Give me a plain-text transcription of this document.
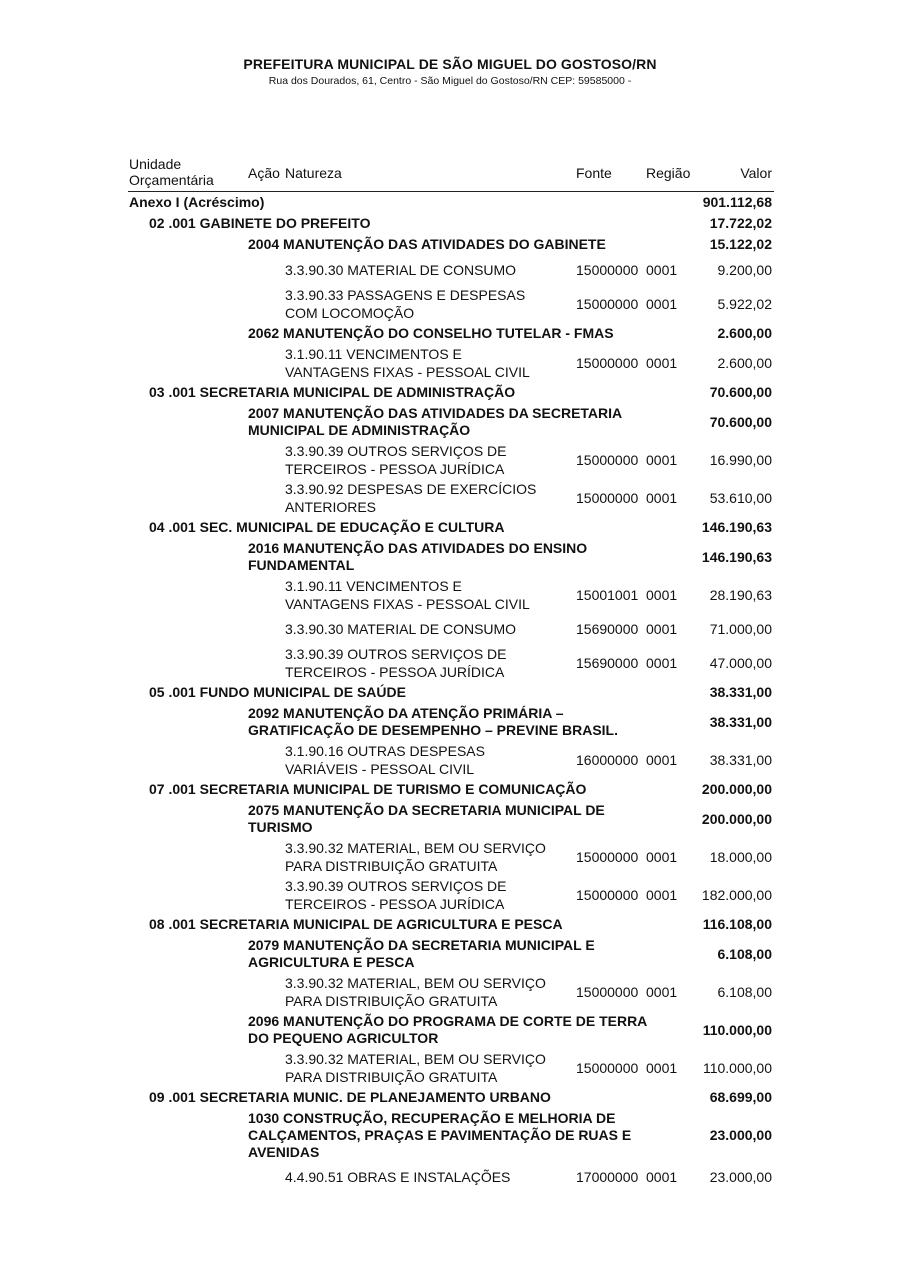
PREFEITURA MUNICIPAL DE SÃO MIGUEL DO GOSTOSO/RN
Rua dos Dourados, 61, Centro - São Miguel do Gostoso/RN CEP: 59585000 -
Unidade
Orçamentária Ação Natureza	Fonte Região	Valor
Anexo I (Acréscimo)	901.112,68
02 .001 GABINETE DO PREFEITO	17.722,02
2004 MANUTENÇÃO DAS ATIVIDADES DO GABINETE	15.122,02
3.3.90.30 MATERIAL DE CONSUMO	15000000 0001	9.200,00
3.3.90.33 PASSAGENS E DESPESAS
COM LOCOMOÇÃO
15000000 0001	5.922,02
2062 MANUTENÇÃO DO CONSELHO TUTELAR - FMAS	2.600,00
3.1.90.11 VENCIMENTOS E
VANTAGENS FIXAS - PESSOAL CIVIL
15000000 0001	2.600,00
03 .001 SECRETARIA MUNICIPAL DE ADMINISTRAÇÃO	70.600,00
2007 MANUTENÇÃO DAS ATIVIDADES DA SECRETARIA
MUNICIPAL DE ADMINISTRAÇÃO	70.600,00
3.3.90.39 OUTROS SERVIÇOS DE
TERCEIROS - PESSOA JURÍDICA
15000000 0001 16.990,00
3.3.90.92 DESPESAS DE EXERCÍCIOS
ANTERIORES
15000000 0001 53.610,00
04 .001 SEC. MUNICIPAL DE EDUCAÇÃO E CULTURA	146.190,63
2016 MANUTENÇÃO DAS ATIVIDADES DO ENSINO
FUNDAMENTAL	146.190,63
3.1.90.11 VENCIMENTOS E
VANTAGENS FIXAS - PESSOAL CIVIL
15001001 0001 28.190,63
3.3.90.30 MATERIAL DE CONSUMO	15690000 0001 71.000,00
3.3.90.39 OUTROS SERVIÇOS DE
TERCEIROS - PESSOA JURÍDICA
15690000 0001 47.000,00
05 .001 FUNDO MUNICIPAL DE SAÚDE	38.331,00
2092 MANUTENÇÃO DA ATENÇÃO PRIMÁRIA –
GRATIFICAÇÃO DE DESEMPENHO – PREVINE BRASIL.	38.331,00
3.1.90.16 OUTRAS DESPESAS
VARIÁVEIS - PESSOAL CIVIL
16000000 0001 38.331,00
07 .001 SECRETARIA MUNICIPAL DE TURISMO E COMUNICAÇÃO	200.000,00
2075 MANUTENÇÃO DA SECRETARIA MUNICIPAL DE
TURISMO	200.000,00
3.3.90.32 MATERIAL, BEM OU SERVIÇO
PARA DISTRIBUIÇÃO GRATUITA
15000000 0001 18.000,00
3.3.90.39 OUTROS SERVIÇOS DE
TERCEIROS - PESSOA JURÍDICA
15000000 0001 182.000,00
08 .001 SECRETARIA MUNICIPAL DE AGRICULTURA E PESCA	116.108,00
2079 MANUTENÇÃO DA SECRETARIA MUNICIPAL E
AGRICULTURA E PESCA	6.108,00
3.3.90.32 MATERIAL, BEM OU SERVIÇO
PARA DISTRIBUIÇÃO GRATUITA
15000000 0001	6.108,00
2096 MANUTENÇÃO DO PROGRAMA DE CORTE DE TERRA
DO PEQUENO AGRICULTOR	110.000,00
3.3.90.32 MATERIAL, BEM OU SERVIÇO
PARA DISTRIBUIÇÃO GRATUITA
15000000 0001 110.000,00
09 .001 SECRETARIA MUNIC. DE PLANEJAMENTO URBANO	68.699,00
1030 CONSTRUÇÃO, RECUPERAÇÃO E MELHORIA DE
CALÇAMENTOS, PRAÇAS E PAVIMENTAÇÃO DE RUAS E
AVENIDAS
23.000,00
4.4.90.51 OBRAS E INSTALAÇÕES	17000000 0001 23.000,00
